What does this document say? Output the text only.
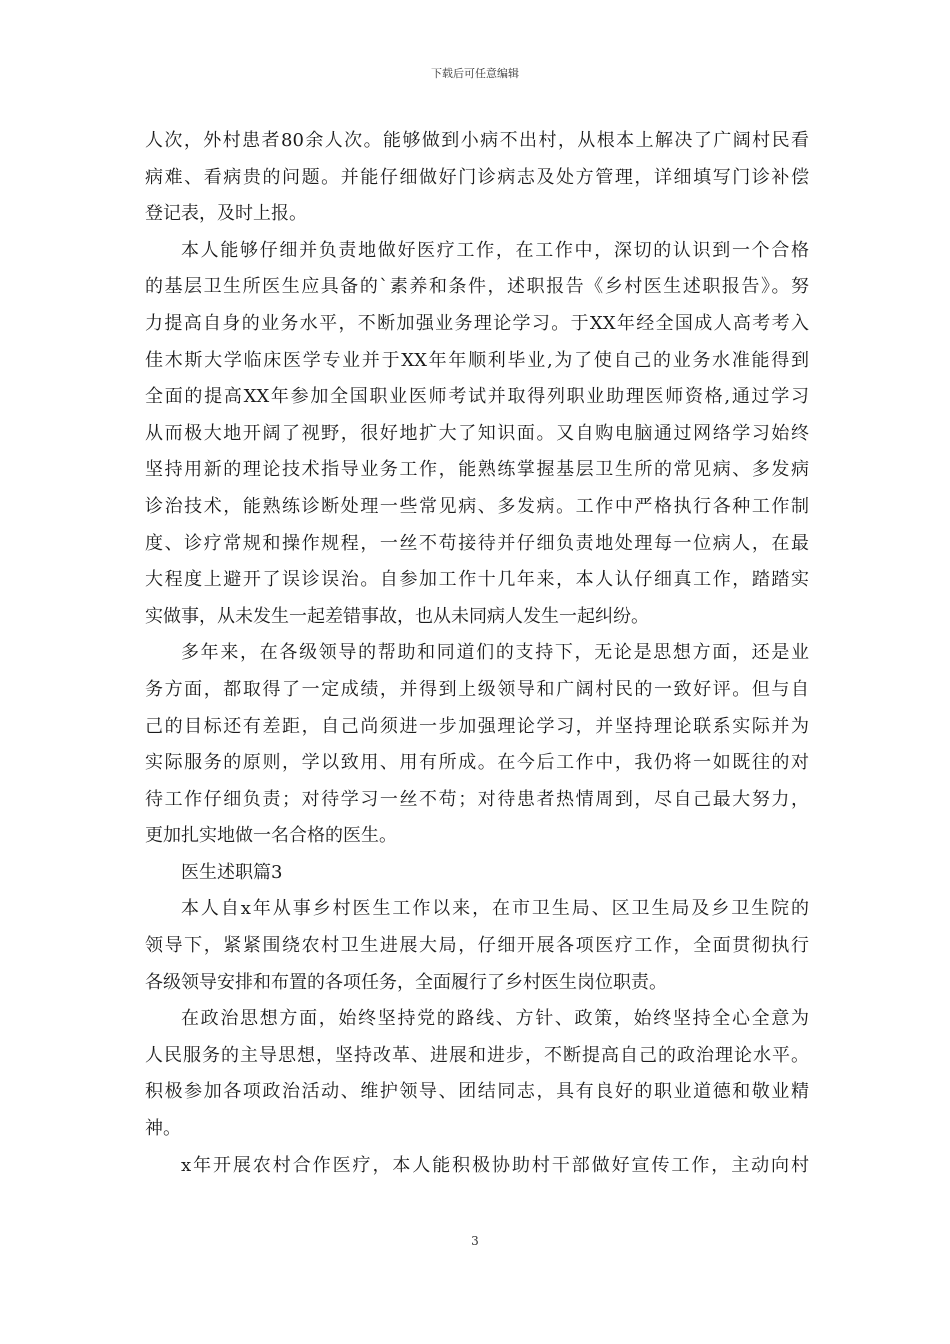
下载后可任意编辑
人次，外村患者80余人次。能够做到小病不出村，从根本上解决了广阔村民看
病难、看病贵的问题。并能仔细做好门诊病志及处方管理，详细填写门诊补偿
登记表，及时上报。
本人能够仔细并负责地做好医疗工作，在工作中，深切的认识到一个合格
的基层卫生所医生应具备的`素养和条件，述职报告《乡村医生述职报告》。努
力提高自身的业务水平，不断加强业务理论学习。于XX年经全国成人高考考入
佳木斯大学临床医学专业并于XX年年顺利毕业,为了使自己的业务水准能得到
全面的提高XX年参加全国职业医师考试并取得列职业助理医师资格,通过学习
从而极大地开阔了视野，很好地扩大了知识面。又自购电脑通过网络学习始终
坚持用新的理论技术指导业务工作，能熟练掌握基层卫生所的常见病、多发病
诊治技术，能熟练诊断处理一些常见病、多发病。工作中严格执行各种工作制
度、诊疗常规和操作规程，一丝不苟接待并仔细负责地处理每一位病人，在最
大程度上避开了误诊误治。自参加工作十几年来，本人认仔细真工作，踏踏实
实做事，从未发生一起差错事故，也从未同病人发生一起纠纷。
多年来，在各级领导的帮助和同道们的支持下，无论是思想方面，还是业
务方面，都取得了一定成绩，并得到上级领导和广阔村民的一致好评。但与自
己的目标还有差距，自己尚须进一步加强理论学习，并坚持理论联系实际并为
实际服务的原则，学以致用、用有所成。在今后工作中，我仍将一如既往的对
待工作仔细负责；对待学习一丝不苟；对待患者热情周到，尽自己最大努力，
更加扎实地做一名合格的医生。
医生述职篇3
本人自x年从事乡村医生工作以来，在市卫生局、区卫生局及乡卫生院的
领导下，紧紧围绕农村卫生进展大局，仔细开展各项医疗工作，全面贯彻执行
各级领导安排和布置的各项任务，全面履行了乡村医生岗位职责。
在政治思想方面，始终坚持党的路线、方针、政策，始终坚持全心全意为
人民服务的主导思想，坚持改革、进展和进步，不断提高自己的政治理论水平。
积极参加各项政治活动、维护领导、团结同志，具有良好的职业道德和敬业精
神。
x年开展农村合作医疗，本人能积极协助村干部做好宣传工作，主动向村
3
